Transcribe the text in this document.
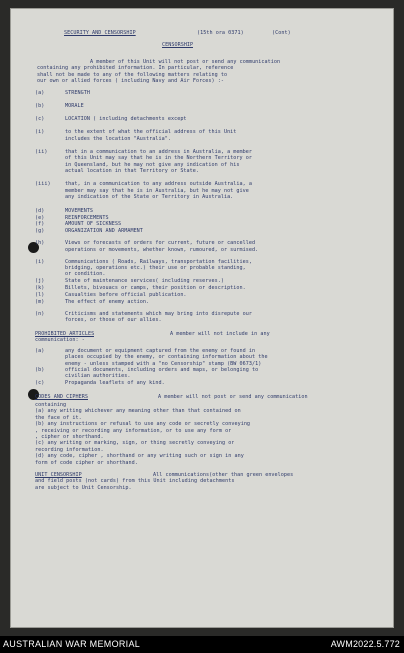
SECURITY AND CENSORSHIP	(15th ora 0371)	(Cont)
CENSORSHIP
A member of this Unit will not post or send any communication
containing any prohibited information. In particular, reference
shall not be made to any of the following matters relating to
our own or allied forces ( including Navy and Air Forces) :-
(a)	STRENGTH
(b)	MORALE
(c)	LOCATION ( including detachments except
(i)	to the extent of what the official address of this Unit
includes the location "Australia".
(ii)	that in a communication to an address in Australia, a member
of this Unit may say that he is in the Northern Territory or
in Queensland, but he may not give any indication of his
actual location in that Territory or State.
(iii)	that, in a communication to any address outside Australia, a
member may say that he is in Australia, but he may not give
any indication of the State or Territory in Australia.
(d)	MOVEMENTS
(e)	REINFORCEMENTS
(f)	AMOUNT OF SICKNESS
(g)	ORGANIZATION AND ARMAMENT
(h)	Views or forecasts of orders for current, future or cancelled
operations or movements, whether known, rumoured, or surmised.
(i)	Communications ( Roads, Railways, transportation facilities,
bridging, operations etc.) their use or probable standing,
or condition.
(j)	State of maintenance services( including reserves.)
(k)	Billets, bivouacs or camps, their position or description.
(l)	Casualties before official publication.
(m)	The effect of enemy action.
(n)	Criticisms and statements which may bring into disrepute our
forces, or those of our allies.
PROHIBITED ARTICLES	A member will not include in any
communication: -
(a)	any document or equipment captured from the enemy or found in
places occupied by the enemy, or containing information about the
enemy - unless stamped with a "no Censorship" stamp (BW 0673/1)
(b)	official documents, including orders and maps, or belonging to
civilian authorities.
(c)	Propaganda leaflets of any kind.
CODES AND CIPHERS	A member will not post or send any communication
containing
(a) any writing whichever any meaning other than that contained on
the face of it.
(b) any instructions or refusal to use any code or secretly conveying
, receiving or recording any information, or to use any form or
, cipher or shorthand.
(c) any writing or marking, sign, or thing secretly conveying or
recording information.
(d) any code, cipher , shorthand or any writing such or sign in any
form of code cipher or shorthand.
UNIT CENSORSHIP	All communications(other than green envelopes
and field posts (not cards) from this Unit including detachments
are subject to Unit Censorship.
AUSTRALIAN WAR MEMORIAL	AWM2022.5.772
